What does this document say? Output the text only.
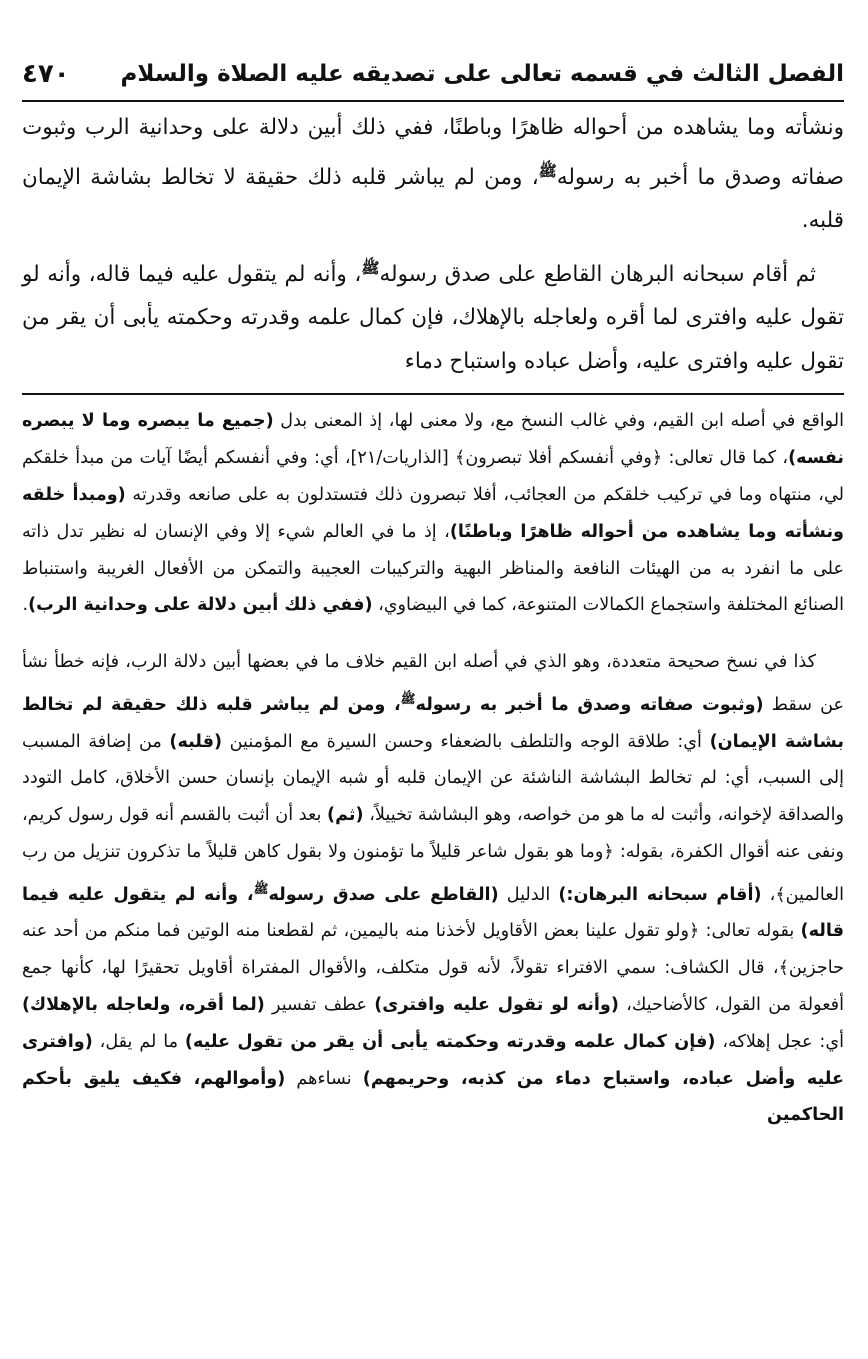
الفصل الثالث في قسمه تعالى على تصديقه عليه الصلاة والسلام
٤٧٠

ونشأته وما يشاهده من أحواله ظاهرًا وباطنًا، ففي ذلك أبين دلالة على وحدانية الرب وثبوت صفاته وصدق ما أخبر به رسوله$^ﷺ$، ومن لم يباشر قلبه ذلك حقيقة لا تخالط بشاشة الإيمان قلبه.

ثم أقام سبحانه البرهان القاطع على صدق رسوله$^ﷺ$، وأنه لم يتقول عليه فيما قاله، وأنه لو تقول عليه وافترى لما أقره ولعاجله بالإهلاك، فإن كمال علمه وقدرته وحكمته يأبى أن يقر من تقول عليه وافترى عليه، وأضل عباده واستباح دماء

الواقع في أصله ابن القيم، وفي غالب النسخ مع، ولا معنى لها، إذ المعنى بدل (جميع ما يبصره وما لا يبصره نفسه)، كما قال تعالى: ﴿وفي أنفسكم أفلا تبصرون﴾ [الذاريات/٢١]، أي: وفي أنفسكم أيضًا آيات من مبدأ خلقكم لي، منتهاه وما في تركيب خلقكم من العجائب، أفلا تبصرون ذلك فتستدلون به على صانعه وقدرته (ومبدأ خلقه ونشأته وما يشاهده من أحواله ظاهرًا وباطنًا)، إذ ما في العالم شيء إلا وفي الإنسان له نظير تدل ذاته على ما انفرد به من الهيئات النافعة والمناظر البهية والتركيبات العجيبة والتمكن من الأفعال الغريبة واستنباط الصنائع المختلفة واستجماع الكمالات المتنوعة، كما في البيضاوي، (ففي ذلك أبين دلالة على وحدانية الرب).

كذا في نسخ صحيحة متعددة، وهو الذي في أصله ابن القيم خلاف ما في بعضها أبين دلالة الرب، فإنه خطأ نشأ عن سقط (وثبوت صفاته وصدق ما أخبر به رسوله$^ﷺ$، ومن لم يباشر قلبه ذلك حقيقة لم تخالط بشاشة الإيمان) أي: طلاقة الوجه والتلطف بالضعفاء وحسن السيرة مع المؤمنين (قلبه) من إضافة المسبب إلى السبب، أي: لم تخالط البشاشة الناشئة عن الإيمان قلبه أو شبه الإيمان بإنسان حسن الأخلاق، كامل التودد والصداقة لإخوانه، وأثبت له ما هو من خواصه، وهو البشاشة تخييلاً، (ثم) بعد أن أثبت بالقسم أنه قول رسول كريم، ونفى عنه أقوال الكفرة، بقوله: ﴿وما هو بقول شاعر قليلاً ما تؤمنون ولا بقول كاهن قليلاً ما تذكرون تنزيل من رب العالمين﴾، (أقام سبحانه البرهان:) الدليل (القاطع على صدق رسوله$^ﷺ$، وأنه لم يتقول عليه فيما قاله) بقوله تعالى: ﴿ولو تقول علينا بعض الأقاويل لأخذنا منه باليمين، ثم لقطعنا منه الوتين فما منكم من أحد عنه حاجزين﴾، قال الكشاف: سمي الافتراء تقولاً، لأنه قول متكلف، والأقوال المفتراة أقاويل تحقيرًا لها، كأنها جمع أفعولة من القول، كالأضاحيك، (وأنه لو تقول عليه وافترى) عطف تفسير (لما أقره، ولعاجله بالإهلاك) أي: عجل إهلاكه، (فإن كمال علمه وقدرته وحكمته يأبى أن يقر من تقول عليه) ما لم يقل، (وافترى عليه وأضل عباده، واستباح دماء من كذبه، وحريمهم) نساءهم (وأموالهم، فكيف يليق بأحكم الحاكمين
